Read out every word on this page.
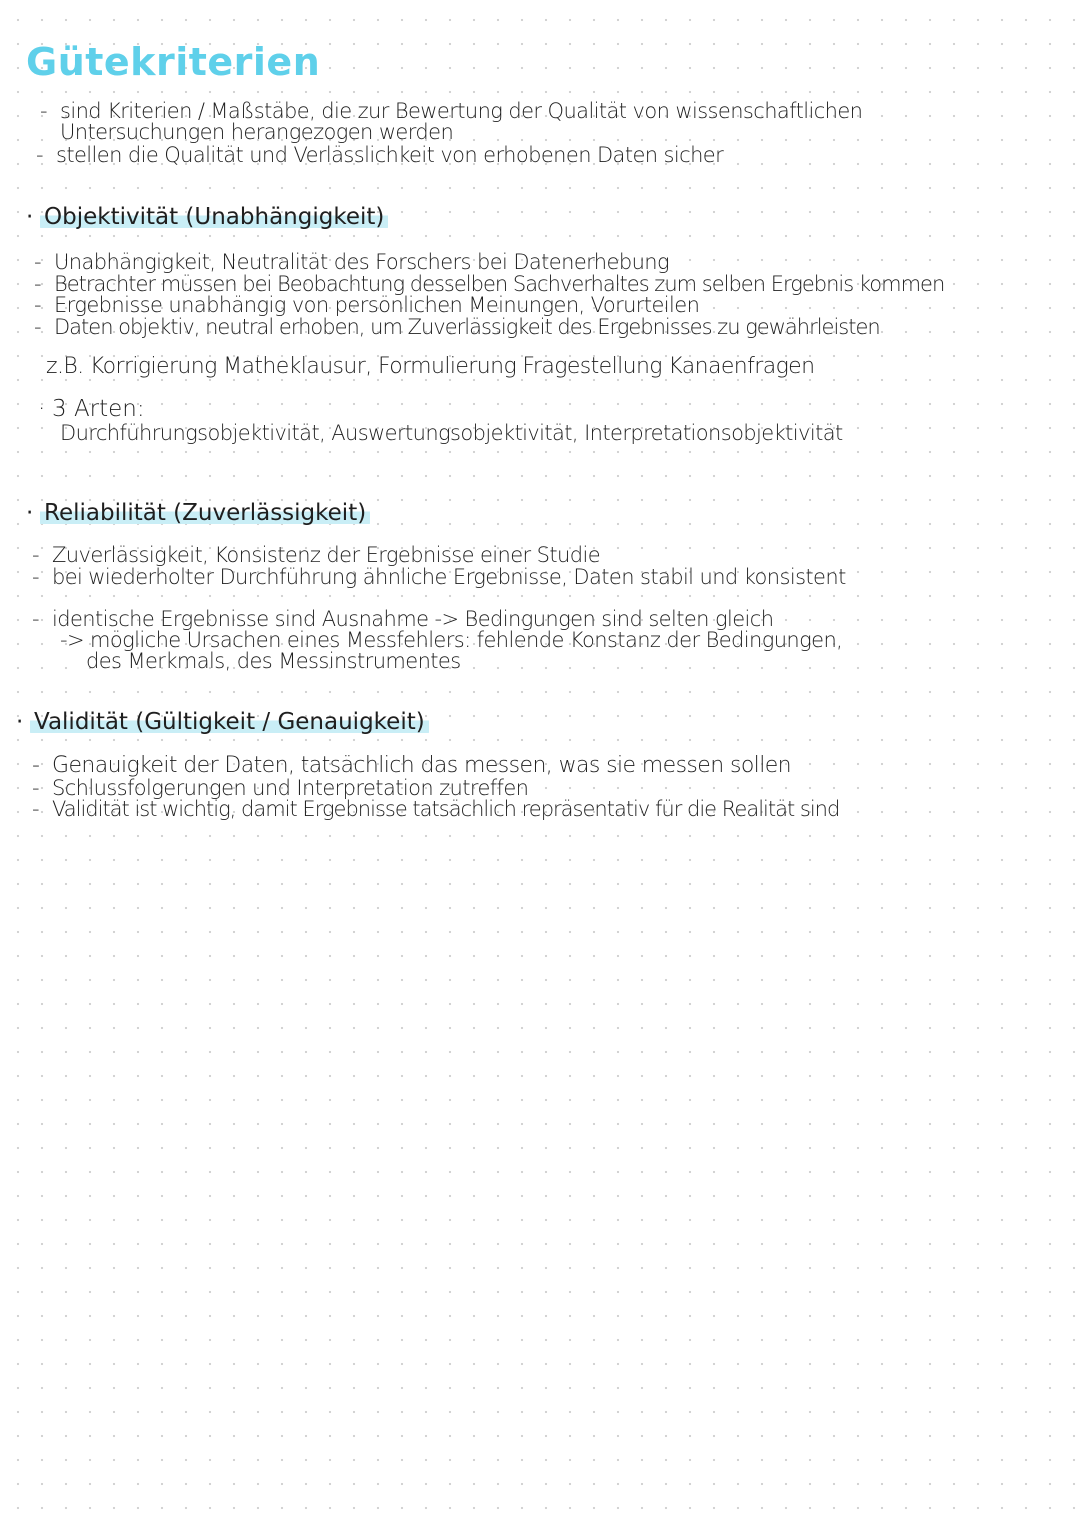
Gütekriterien
- sind Kriterien / Maßstäbe, die zur Bewertung der Qualität von wissenschaftlichen
Untersuchungen herangezogen werden
- stellen die Qualität und Verlässlichkeit von erhobenen Daten sicher
· Objektivität (Unabhängigkeit)
- Unabhängigkeit, Neutralität des Forschers bei Datenerhebung
- Betrachter müssen bei Beobachtung desselben Sachverhaltes zum selben Ergebnis kommen
- Ergebnisse unabhängig von persönlichen Meinungen, Vorurteilen
- Daten objektiv, neutral erhoben, um Zuverlässigkeit des Ergebnisses zu gewährleisten
z.B. Korrigierung Matheklausur, Formulierung Fragestellung Kanaenfragen
· 3 Arten:
Durchführungsobjektivität, Auswertungsobjektivität, Interpretationsobjektivität
· Reliabilität (Zuverlässigkeit)
- Zuverlässigkeit, Konsistenz der Ergebnisse einer Studie
- bei wiederholter Durchführung ähnliche Ergebnisse, Daten stabil und konsistent
- identische Ergebnisse sind Ausnahme -> Bedingungen sind selten gleich
-> mögliche Ursachen eines Messfehlers: fehlende Konstanz der Bedingungen,
des Merkmals, des Messinstrumentes
· Validität (Gültigkeit / Genauigkeit)
- Genauigkeit der Daten, tatsächlich das messen, was sie messen sollen
- Schlussfolgerungen und Interpretation zutreffen
- Validität ist wichtig, damit Ergebnisse tatsächlich repräsentativ für die Realität sind
